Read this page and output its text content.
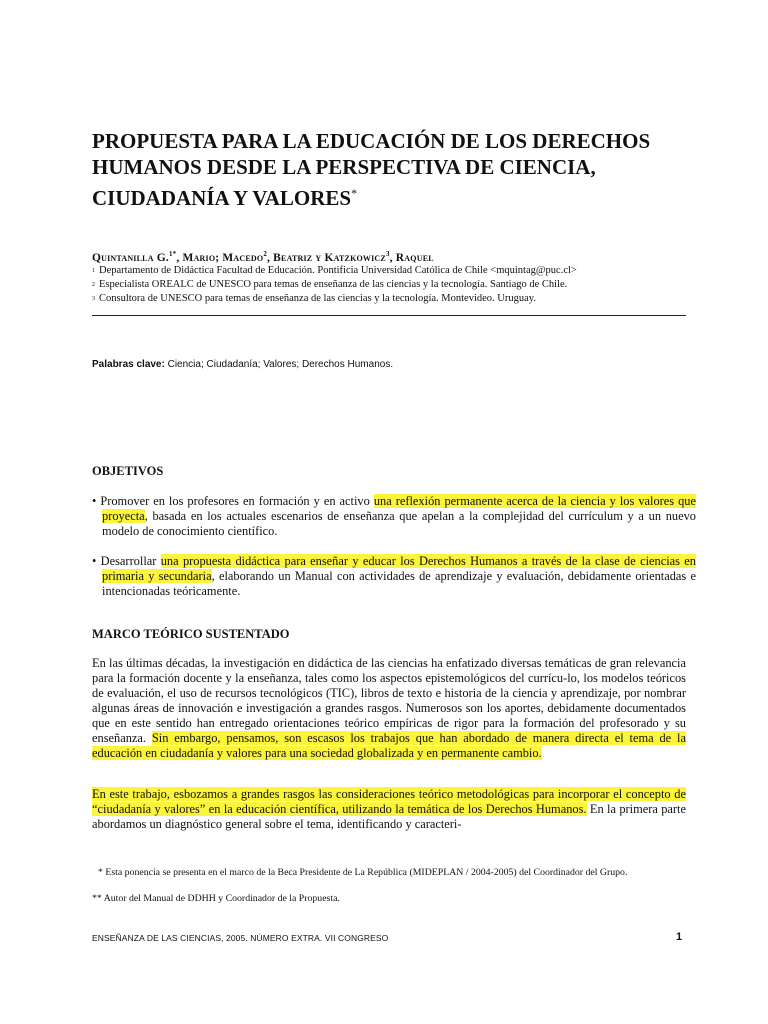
PROPUESTA PARA LA EDUCACIÓN DE LOS DERECHOS
HUMANOS DESDE LA PERSPECTIVA DE CIENCIA,
CIUDADANÍA Y VALORES*
Quintanilla G.$^{1*}$, Mario; Macedo$^2$, Beatriz y Katzkowicz$^3$, Raquel
$^1$ Departamento de Didáctica Facultad de Educación. Pontificia Universidad Católica de Chile <mquintag@puc.cl>
$^2$ Especialista OREALC de UNESCO para temas de enseñanza de las ciencias y la tecnología. Santiago de Chile.
$^3$ Consultora de UNESCO para temas de enseñanza de las ciencias y la tecnología. Montevideo. Uruguay.
Palabras clave: Ciencia; Ciudadanía; Valores; Derechos Humanos.
OBJETIVOS

• Promover en los profesores en formación y en activo una reflexión permanente acerca de la ciencia y los valores que proyecta, basada en los actuales escenarios de enseñanza que apelan a la complejidad del currículum y a un nuevo modelo de conocimiento científico.

• Desarrollar una propuesta didáctica para enseñar y educar los Derechos Humanos a través de la clase de ciencias en primaria y secundaria, elaborando un Manual con actividades de aprendizaje y evaluación, debidamente orientadas e intencionadas teóricamente.

MARCO TEÓRICO SUSTENTADO

En las últimas décadas, la investigación en didáctica de las ciencias ha enfatizado diversas temáticas de gran relevancia para la formación docente y la enseñanza, tales como los aspectos epistemológicos del currícu-lo, los modelos teóricos de evaluación, el uso de recursos tecnológicos (TIC), libros de texto e historia de la ciencia y aprendizaje, por nombrar algunas áreas de innovación e investigación a grandes rasgos. Numerosos son los aportes, debidamente documentados que en este sentido han entregado orientaciones teórico empíricas de rigor para la formación del profesorado y su enseñanza. Sin embargo, pensamos, son escasos los trabajos que han abordado de manera directa el tema de la educación en ciudadanía y valores para una sociedad globalizada y en permanente cambio.

En este trabajo, esbozamos a grandes rasgos las consideraciones teórico metodológicas para incorporar el concepto de “ciudadanía y valores” en la educación científica, utilizando la temática de los Derechos Humanos. En la primera parte abordamos un diagnóstico general sobre el tema, identificando y caracteri-

* Esta ponencia se presenta en el marco de la Beca Presidente de La República (MIDEPLAN / 2004-2005) del Coordinador del Grupo.

** Autor del Manual de DDHH y Coordinador de la Propuesta.

ENSEÑANZA DE LAS CIENCIAS, 2005. NÚMERO EXTRA. VII CONGRESO	1
